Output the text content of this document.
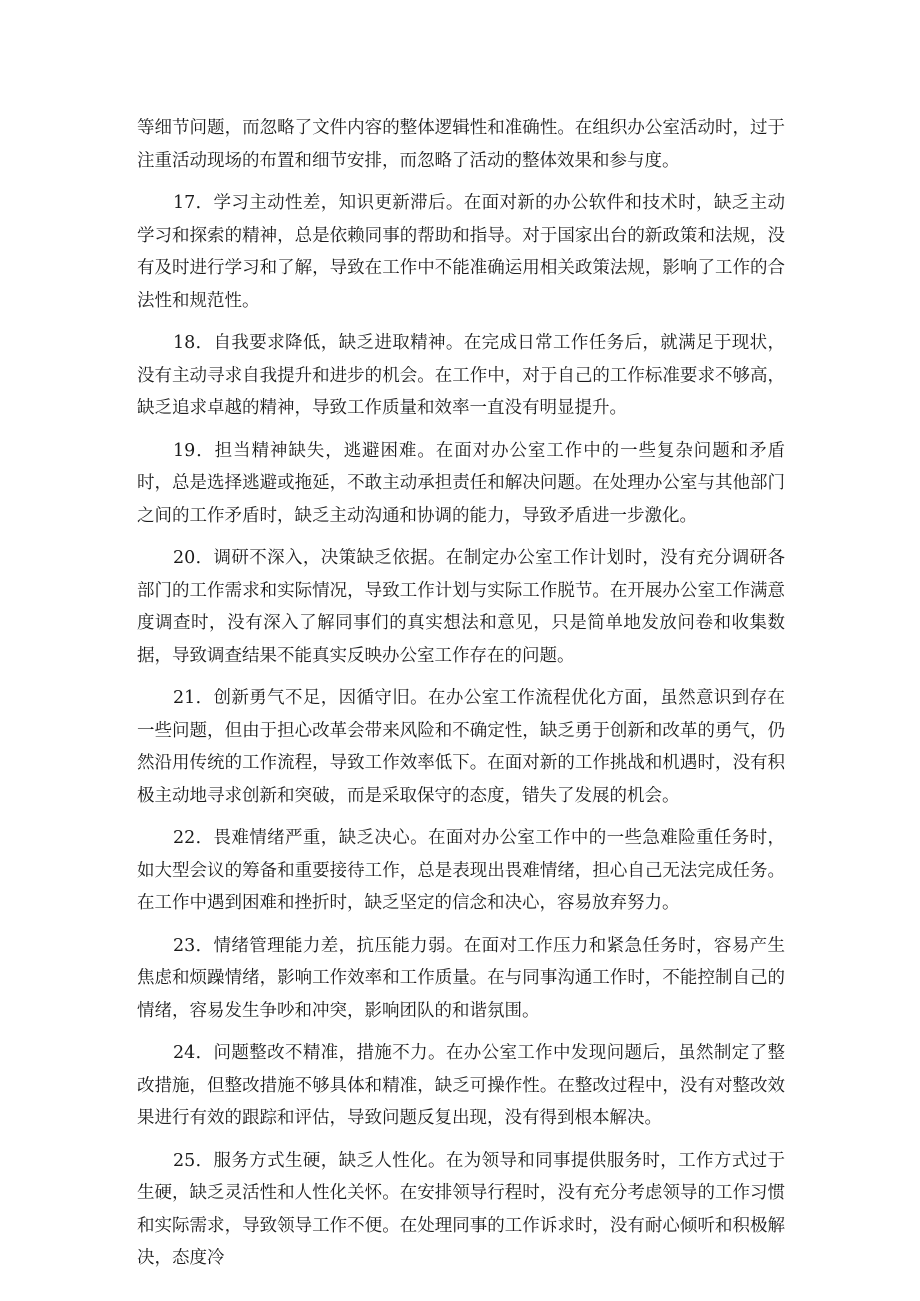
等细节问题，而忽略了文件内容的整体逻辑性和准确性。在组织办公室活动时，过于注重活动现场的布置和细节安排，而忽略了活动的整体效果和参与度。

17．学习主动性差，知识更新滞后。在面对新的办公软件和技术时，缺乏主动学习和探索的精神，总是依赖同事的帮助和指导。对于国家出台的新政策和法规，没有及时进行学习和了解，导致在工作中不能准确运用相关政策法规，影响了工作的合法性和规范性。

18．自我要求降低，缺乏进取精神。在完成日常工作任务后，就满足于现状，没有主动寻求自我提升和进步的机会。在工作中，对于自己的工作标准要求不够高，缺乏追求卓越的精神，导致工作质量和效率一直没有明显提升。

19．担当精神缺失，逃避困难。在面对办公室工作中的一些复杂问题和矛盾时，总是选择逃避或拖延，不敢主动承担责任和解决问题。在处理办公室与其他部门之间的工作矛盾时，缺乏主动沟通和协调的能力，导致矛盾进一步激化。

20．调研不深入，决策缺乏依据。在制定办公室工作计划时，没有充分调研各部门的工作需求和实际情况，导致工作计划与实际工作脱节。在开展办公室工作满意度调查时，没有深入了解同事们的真实想法和意见，只是简单地发放问卷和收集数据，导致调查结果不能真实反映办公室工作存在的问题。

21．创新勇气不足，因循守旧。在办公室工作流程优化方面，虽然意识到存在一些问题，但由于担心改革会带来风险和不确定性，缺乏勇于创新和改革的勇气，仍然沿用传统的工作流程，导致工作效率低下。在面对新的工作挑战和机遇时，没有积极主动地寻求创新和突破，而是采取保守的态度，错失了发展的机会。

22．畏难情绪严重，缺乏决心。在面对办公室工作中的一些急难险重任务时，如大型会议的筹备和重要接待工作，总是表现出畏难情绪，担心自己无法完成任务。在工作中遇到困难和挫折时，缺乏坚定的信念和决心，容易放弃努力。

23．情绪管理能力差，抗压能力弱。在面对工作压力和紧急任务时，容易产生焦虑和烦躁情绪，影响工作效率和工作质量。在与同事沟通工作时，不能控制自己的情绪，容易发生争吵和冲突，影响团队的和谐氛围。

24．问题整改不精准，措施不力。在办公室工作中发现问题后，虽然制定了整改措施，但整改措施不够具体和精准，缺乏可操作性。在整改过程中，没有对整改效果进行有效的跟踪和评估，导致问题反复出现，没有得到根本解决。

25．服务方式生硬，缺乏人性化。在为领导和同事提供服务时，工作方式过于生硬，缺乏灵活性和人性化关怀。在安排领导行程时，没有充分考虑领导的工作习惯和实际需求，导致领导工作不便。在处理同事的工作诉求时，没有耐心倾听和积极解决，态度冷
